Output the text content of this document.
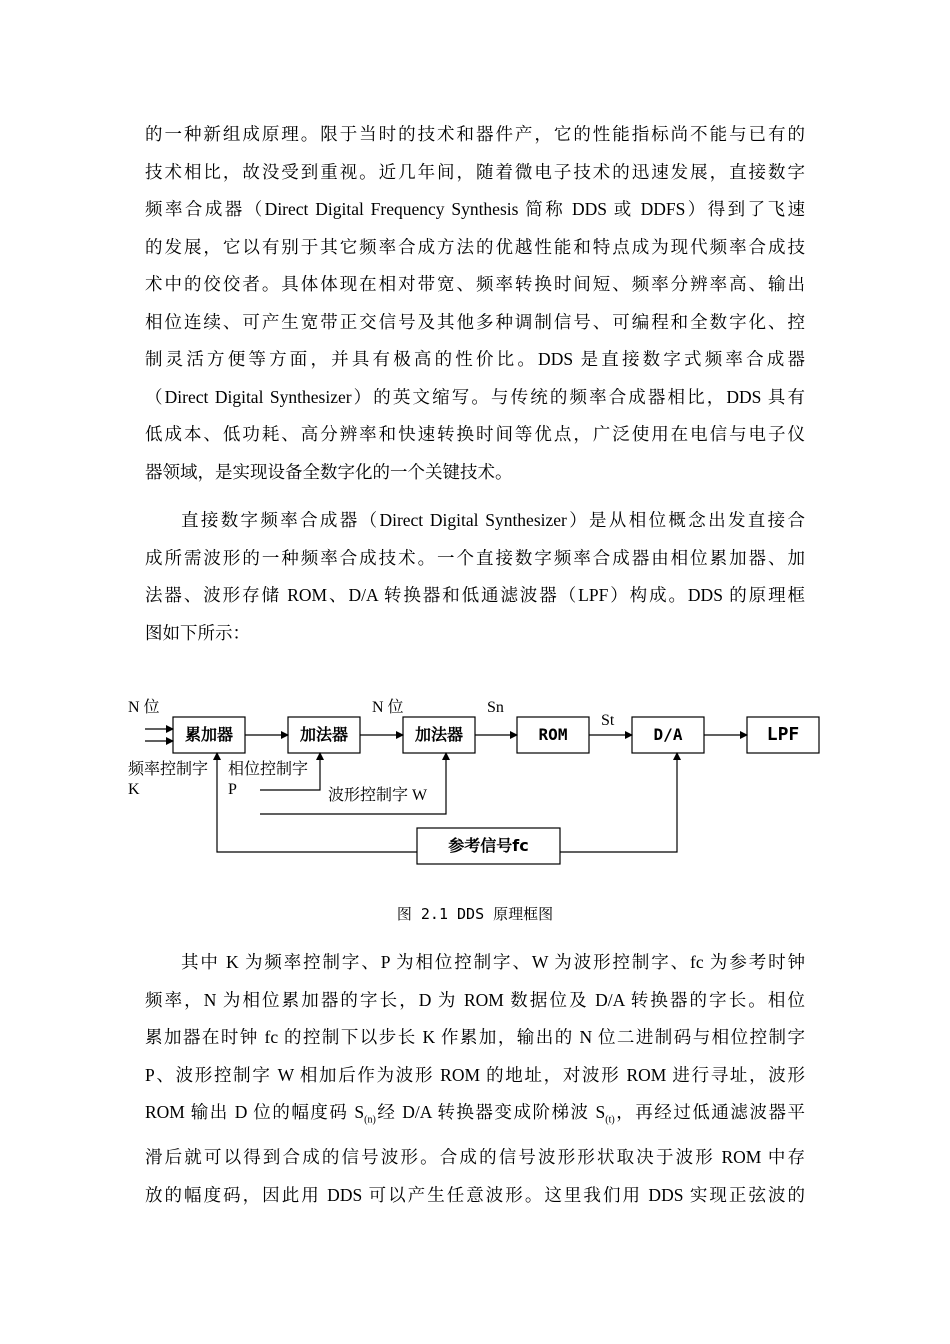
的一种新组成原理。限于当时的技术和器件产，它的性能指标尚不能与已有的
技术相比，故没受到重视。近几年间，随着微电子技术的迅速发展，直接数字
频率合成器（Direct Digital Frequency Synthesis 简称 DDS 或 DDFS）得到了飞速
的发展，它以有别于其它频率合成方法的优越性能和特点成为现代频率合成技
术中的佼佼者。具体体现在相对带宽、频率转换时间短、频率分辨率高、输出
相位连续、可产生宽带正交信号及其他多种调制信号、可编程和全数字化、控
制灵活方便等方面，并具有极高的性价比。DDS 是直接数字式频率合成器
（Direct Digital Synthesizer）的英文缩写。与传统的频率合成器相比，DDS 具有
低成本、低功耗、高分辨率和快速转换时间等优点，广泛使用在电信与电子仪
器领域，是实现设备全数字化的一个关键技术。
直接数字频率合成器（Direct Digital Synthesizer）是从相位概念出发直接合
成所需波形的一种频率合成技术。一个直接数字频率合成器由相位累加器、加
法器、波形存储 ROM、D/A 转换器和低通滤波器（LPF）构成。DDS 的原理框
图如下所示：
累加器	加法器	加法器	ROM	D/A	LPF
参考信号fc
N 位	N 位	Sn
St
频率控制字
K
相位控制字
P	波形控制字 W
图 2.1 DDS 原理框图
其中 K 为频率控制字、P 为相位控制字、W 为波形控制字、fc 为参考时钟
频率，N 为相位累加器的字长，D 为 ROM 数据位及 D/A 转换器的字长。相位
累加器在时钟 fc 的控制下以步长 K 作累加，输出的 N 位二进制码与相位控制字
P、波形控制字 W 相加后作为波形 ROM 的地址，对波形 ROM 进行寻址，波形
ROM 输出 D 位的幅度码 $S_{(n)}$经 D/A 转换器变成阶梯波 $S_{(t)}$，再经过低通滤波器平
滑后就可以得到合成的信号波形。合成的信号波形形状取决于波形 ROM 中存
放的幅度码，因此用 DDS 可以产生任意波形。这里我们用 DDS 实现正弦波的
